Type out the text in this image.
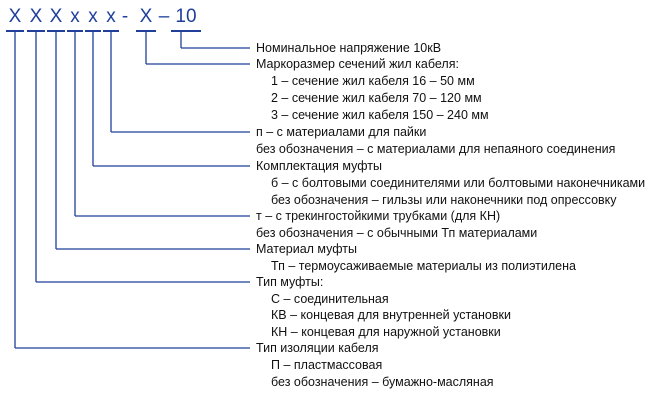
X X X x x x - X – 10
Номинальное напряжение 10кВ
Маркоразмер сечений жил кабеля:
1 – сечение жил кабеля 16 – 50 мм
2 – сечение жил кабеля 70 – 120 мм
3 – сечение жил кабеля 150 – 240 мм
п – с материалами для пайки
без обозначения – с материалами для непаяного соединения
Комплектация муфты
б – с болтовыми соединителями или болтовыми наконечниками
без обозначения – гильзы или наконечники под опрессовку
т – с трекингостойкими трубками (для КН)
без обозначения – с обычными Тп материалами
Материал муфты
Тп – термоусаживаемые материалы из полиэтилена
Тип муфты:
С – соединительная
КВ – концевая для внутренней установки
КН – концевая для наружной установки
Тип изоляции кабеля
П – пластмассовая
без обозначения – бумажно-масляная
